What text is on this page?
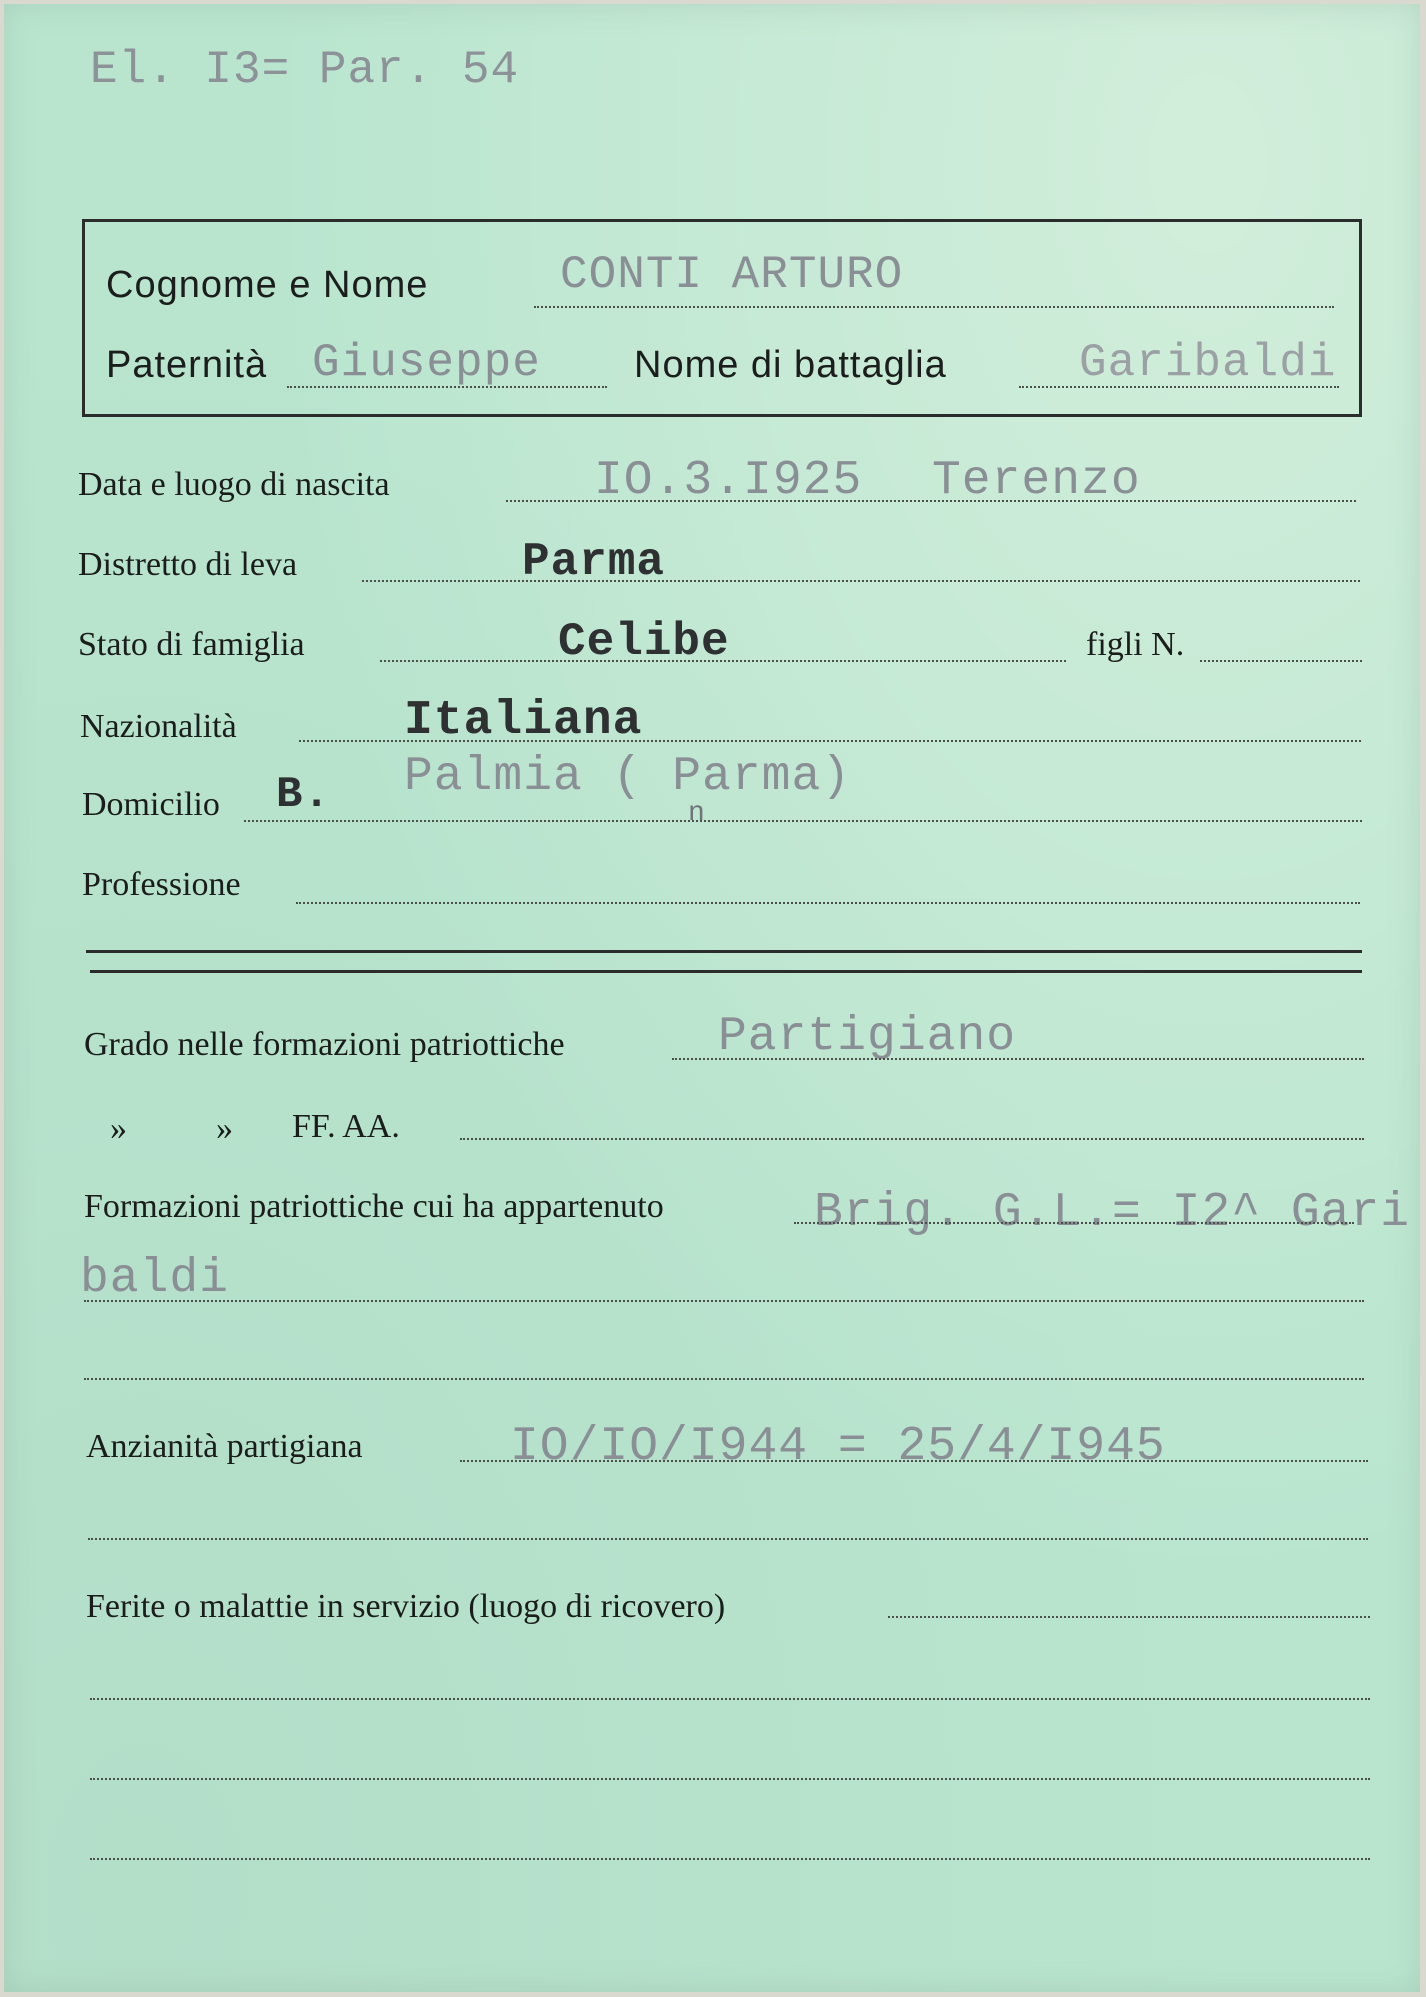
El. I3= Par. 54
Cognome e Nome	CONTI ARTURO
Paternità Giuseppe Nome di battaglia	Garibaldi
Data e luogo di nascita	IO.3.I925 Terenzo
Distretto di leva	Parma
Stato di famiglia	Celibe	figli N.
Nazionalità	Italiana
Domicilio B. Palmia ( Parma)
n
Professione
Grado nelle formazioni patriottiche	Partigiano
»	» FF. AA.
Formazioni patriottiche cui ha appartenuto	Brig. G.L.= I2^ Gari
baldi
Anzianità partigiana	IO/IO/I944 = 25/4/I945
Ferite o malattie in servizio (luogo di ricovero)
